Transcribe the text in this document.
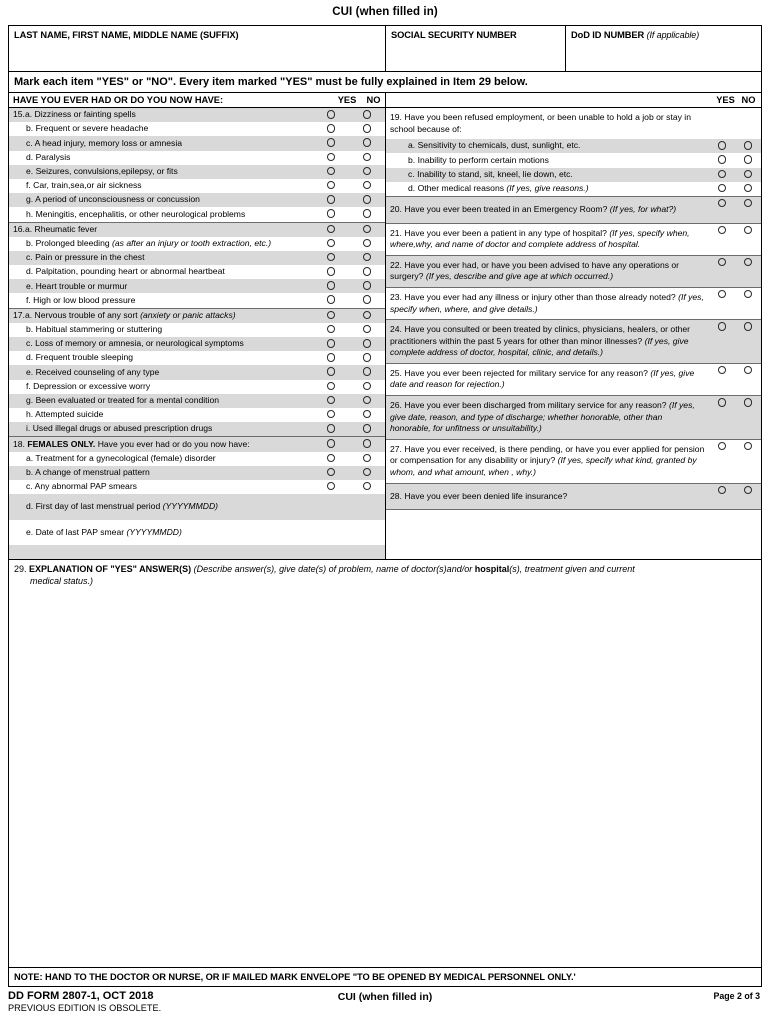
CUI (when filled in)
LAST NAME, FIRST NAME, MIDDLE NAME (SUFFIX)	SOCIAL SECURITY NUMBER	DoD ID NUMBER (If applicable)
Mark each item "YES" or "NO". Every item marked "YES" must be fully explained in Item 29 below.
HAVE YOU EVER HAD OR DO YOU NOW HAVE:	YES	NO
15.a. Dizziness or fainting spells
b. Frequent or severe headache
c. A head injury, memory loss or amnesia
d. Paralysis
e. Seizures, convulsions,epilepsy, or fits
f. Car, train,sea,or air sickness
g. A period of unconsciousness or concussion
h. Meningitis, encephalitis, or other neurological problems
16.a. Rheumatic fever
b. Prolonged bleeding (as after an injury or tooth extraction, etc.)
c. Pain or pressure in the chest
d. Palpitation, pounding heart or abnormal heartbeat
e. Heart trouble or murmur
f. High or low blood pressure
17.a. Nervous trouble of any sort (anxiety or panic attacks)
b. Habitual stammering or stuttering
c. Loss of memory or amnesia, or neurological symptoms
d. Frequent trouble sleeping
e. Received counseling of any type
f. Depression or excessive worry
g. Been evaluated or treated for a mental condition
h. Attempted suicide
i. Used illegal drugs or abused prescription drugs
18. FEMALES ONLY. Have you ever had or do you now have:
a. Treatment for a gynecological (female) disorder
b. A change of menstrual pattern
c. Any abnormal PAP smears
d. First day of last menstrual period (YYYYMMDD)
e. Date of last PAP smear (YYYYMMDD)
YES NO
19. Have you been refused employment, or been unable to hold a job or stay in school because of:
a. Sensitivity to chemicals, dust, sunlight, etc.
b. Inability to perform certain motions
c. Inability to stand, sit, kneel, lie down, etc.
d. Other medical reasons (If yes, give reasons.)
20. Have you ever been treated in an Emergency Room? (If yes, for what?)
21. Have you ever been a patient in any type of hospital? (If yes, specify when, where,why, and name of doctor and complete address of hospital.
22. Have you ever had, or have you been advised to have any operations or surgery? (If yes, describe and give age at which occurred.)
23. Have you ever had any illness or injury other than those already noted? (If yes, specify when, where, and give details.)
24. Have you consulted or been treated by clinics, physicians, healers, or other practitioners within the past 5 years for other than minor illnesses? (If yes, give complete address of doctor, hospital, clinic, and details.)
25. Have you ever been rejected for military service for any reason? (If yes, give date and reason for rejection.)
26. Have you ever been discharged from military service for any reason? (If yes, give date, reason, and type of discharge; whether honorable, other than honorable, for unfitness or unsuitability.)
27. Have you ever received, is there pending, or have you ever applied for pension or compensation for any disability or injury? (If yes, specify what kind, granted by whom, and what amount, when , why.)
28. Have you ever been denied life insurance?
29. EXPLANATION OF "YES" ANSWER(S) (Describe answer(s), give date(s) of problem, name of doctor(s)and/or hospital(s), treatment given and current
medical status.)
NOTE: HAND TO THE DOCTOR OR NURSE, OR IF MAILED MARK ENVELOPE "TO BE OPENED BY MEDICAL PERSONNEL ONLY.'
DD FORM 2807-1, OCT 2018
PREVIOUS EDITION IS OBSOLETE.
CUI (when filled in)	Page 2 of 3
